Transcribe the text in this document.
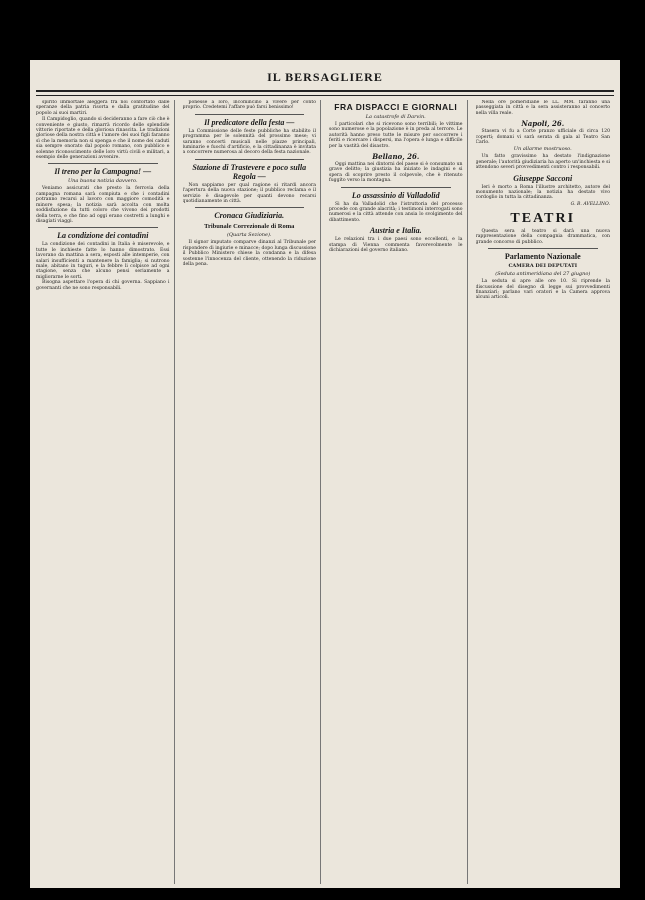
IL BERSAGLIERE

spirito immortale aleggerà fra noi confortato dalle speranze della patria risorta e dalla gratitudine del popolo ai suoi martiri.

Il Campidoglio, quando si decideranno a fare ciò che è conveniente e giusto, rimarrà ricordo delle splendide vittorie riportate e della gloriosa rinascita. Le tradizioni gloriose della nostra città e l'amore dei suoi figli faranno sì che la memoria non si spenga e che il nome dei caduti sia sempre onorato dal popolo romano, con pubblico e solenne riconoscimento delle loro virtù civili e militari, a esempio delle generazioni avvenire.
Il treno per la Campagna! —
Una buona notizia davvero.
Veniamo assicurati che presto la ferrovia della campagna romana sarà compiuta e che i contadini potranno recarsi al lavoro con maggiore comodità e minore spesa; la notizia sarà accolta con molta soddisfazione da tutti coloro che vivono dei prodotti della terra, e che fino ad oggi erano costretti a lunghi e disagiati viaggi.
La condizione dei contadini
La condizione dei contadini in Italia è miserevole, e tutte le inchieste fatte lo hanno dimostrato. Essi lavorano da mattina a sera, esposti alle intemperie, con salari insufficienti a mantenere la famiglia; si nutrono male, abitano in tuguri, e la febbre li colpisce ad ogni stagione, senza che alcuno pensi seriamente a migliorarne le sorti.

Bisogna aspettare l'opera di chi governa. Sappiano i governanti che ne sono responsabili.

ponesse a loro, incomincino a vivere per conto proprio. Credetemi l'affare può farsi benissimo!
Il predicatore della festa —
La Commissione delle feste pubbliche ha stabilito il programma per le solennità del prossimo mese; vi saranno concerti musicali nelle piazze principali, luminarie e fuochi d'artificio, e la cittadinanza è invitata a concorrere numerosa al decoro della festa nazionale.
Stazione di Trastevere e poco sulla Regola —
Non sappiamo per qual ragione si ritardi ancora l'apertura della nuova stazione; il pubblico reclama e il servizio è disagevole per quanti devono recarsi quotidianamente in città.
Cronaca Giudiziaria.
Tribunale Correzionale di Roma
(Quarta Sezione).
Il signor imputato comparve dinanzi al Tribunale per rispondere di ingiurie e minacce; dopo lunga discussione il Pubblico Ministero chiese la condanna e la difesa sostenne l'innocenza del cliente, ottenendo la riduzione della pena.
FRA DISPACCI E GIORNALI
La catastrofe di Darvin.
I particolari che si ricevono sono terribili; le vittime sono numerose e la popolazione è in preda al terrore. Le autorità hanno preso tutte le misure per soccorrere i feriti e ricercare i dispersi, ma l'opera è lunga e difficile per la vastità del disastro.
Bellano, 26.
Oggi mattina nei dintorni del paese si è consumato un grave delitto; la giustizia ha iniziato le indagini e si spera di scoprire presto il colpevole, che è ritenuto fuggito verso la montagna.
Lo assassinio di Valladolid
Si ha da Valladolid che l'istruttoria del processo procede con grande alacrità; i testimoni interrogati sono numerosi e la città attende con ansia lo svolgimento del dibattimento.
Austria e Italia.
Le relazioni tra i due paesi sono eccellenti, e la stampa di Vienna commenta favorevolmente le dichiarazioni del governo italiano.
Nella ore pomeridiane le LL. MM. faranno una passeggiata in città e la sera assisteranno al concerto nella villa reale.
Napoli, 26.
Stasera vi fu a Corte pranzo ufficiale di circa 120 coperti; domani vi sarà serata di gala al Teatro San Carlo.
Un allarme mostruoso.
Un fatto gravissimo ha destato l'indignazione generale; l'autorità giudiziaria ha aperto un'inchiesta e si attendono severi provvedimenti contro i responsabili.
Giuseppe Sacconi
Ieri è morto a Roma l'illustre architetto, autore del monumento nazionale; la notizia ha destato vivo cordoglio in tutta la cittadinanza.
G. B. AVELLINO.
TEATRI
Questa sera al teatro si darà una nuova rappresentazione della compagnia drammatica, con grande concorso di pubblico.
Parlamento Nazionale
CAMERA DEI DEPUTATI
(Seduta antimeridiana del 27 giugno)
La seduta si apre alle ore 10. Si riprende la discussione del disegno di legge sui provvedimenti finanziari; parlano vari oratori e la Camera approva alcuni articoli.
